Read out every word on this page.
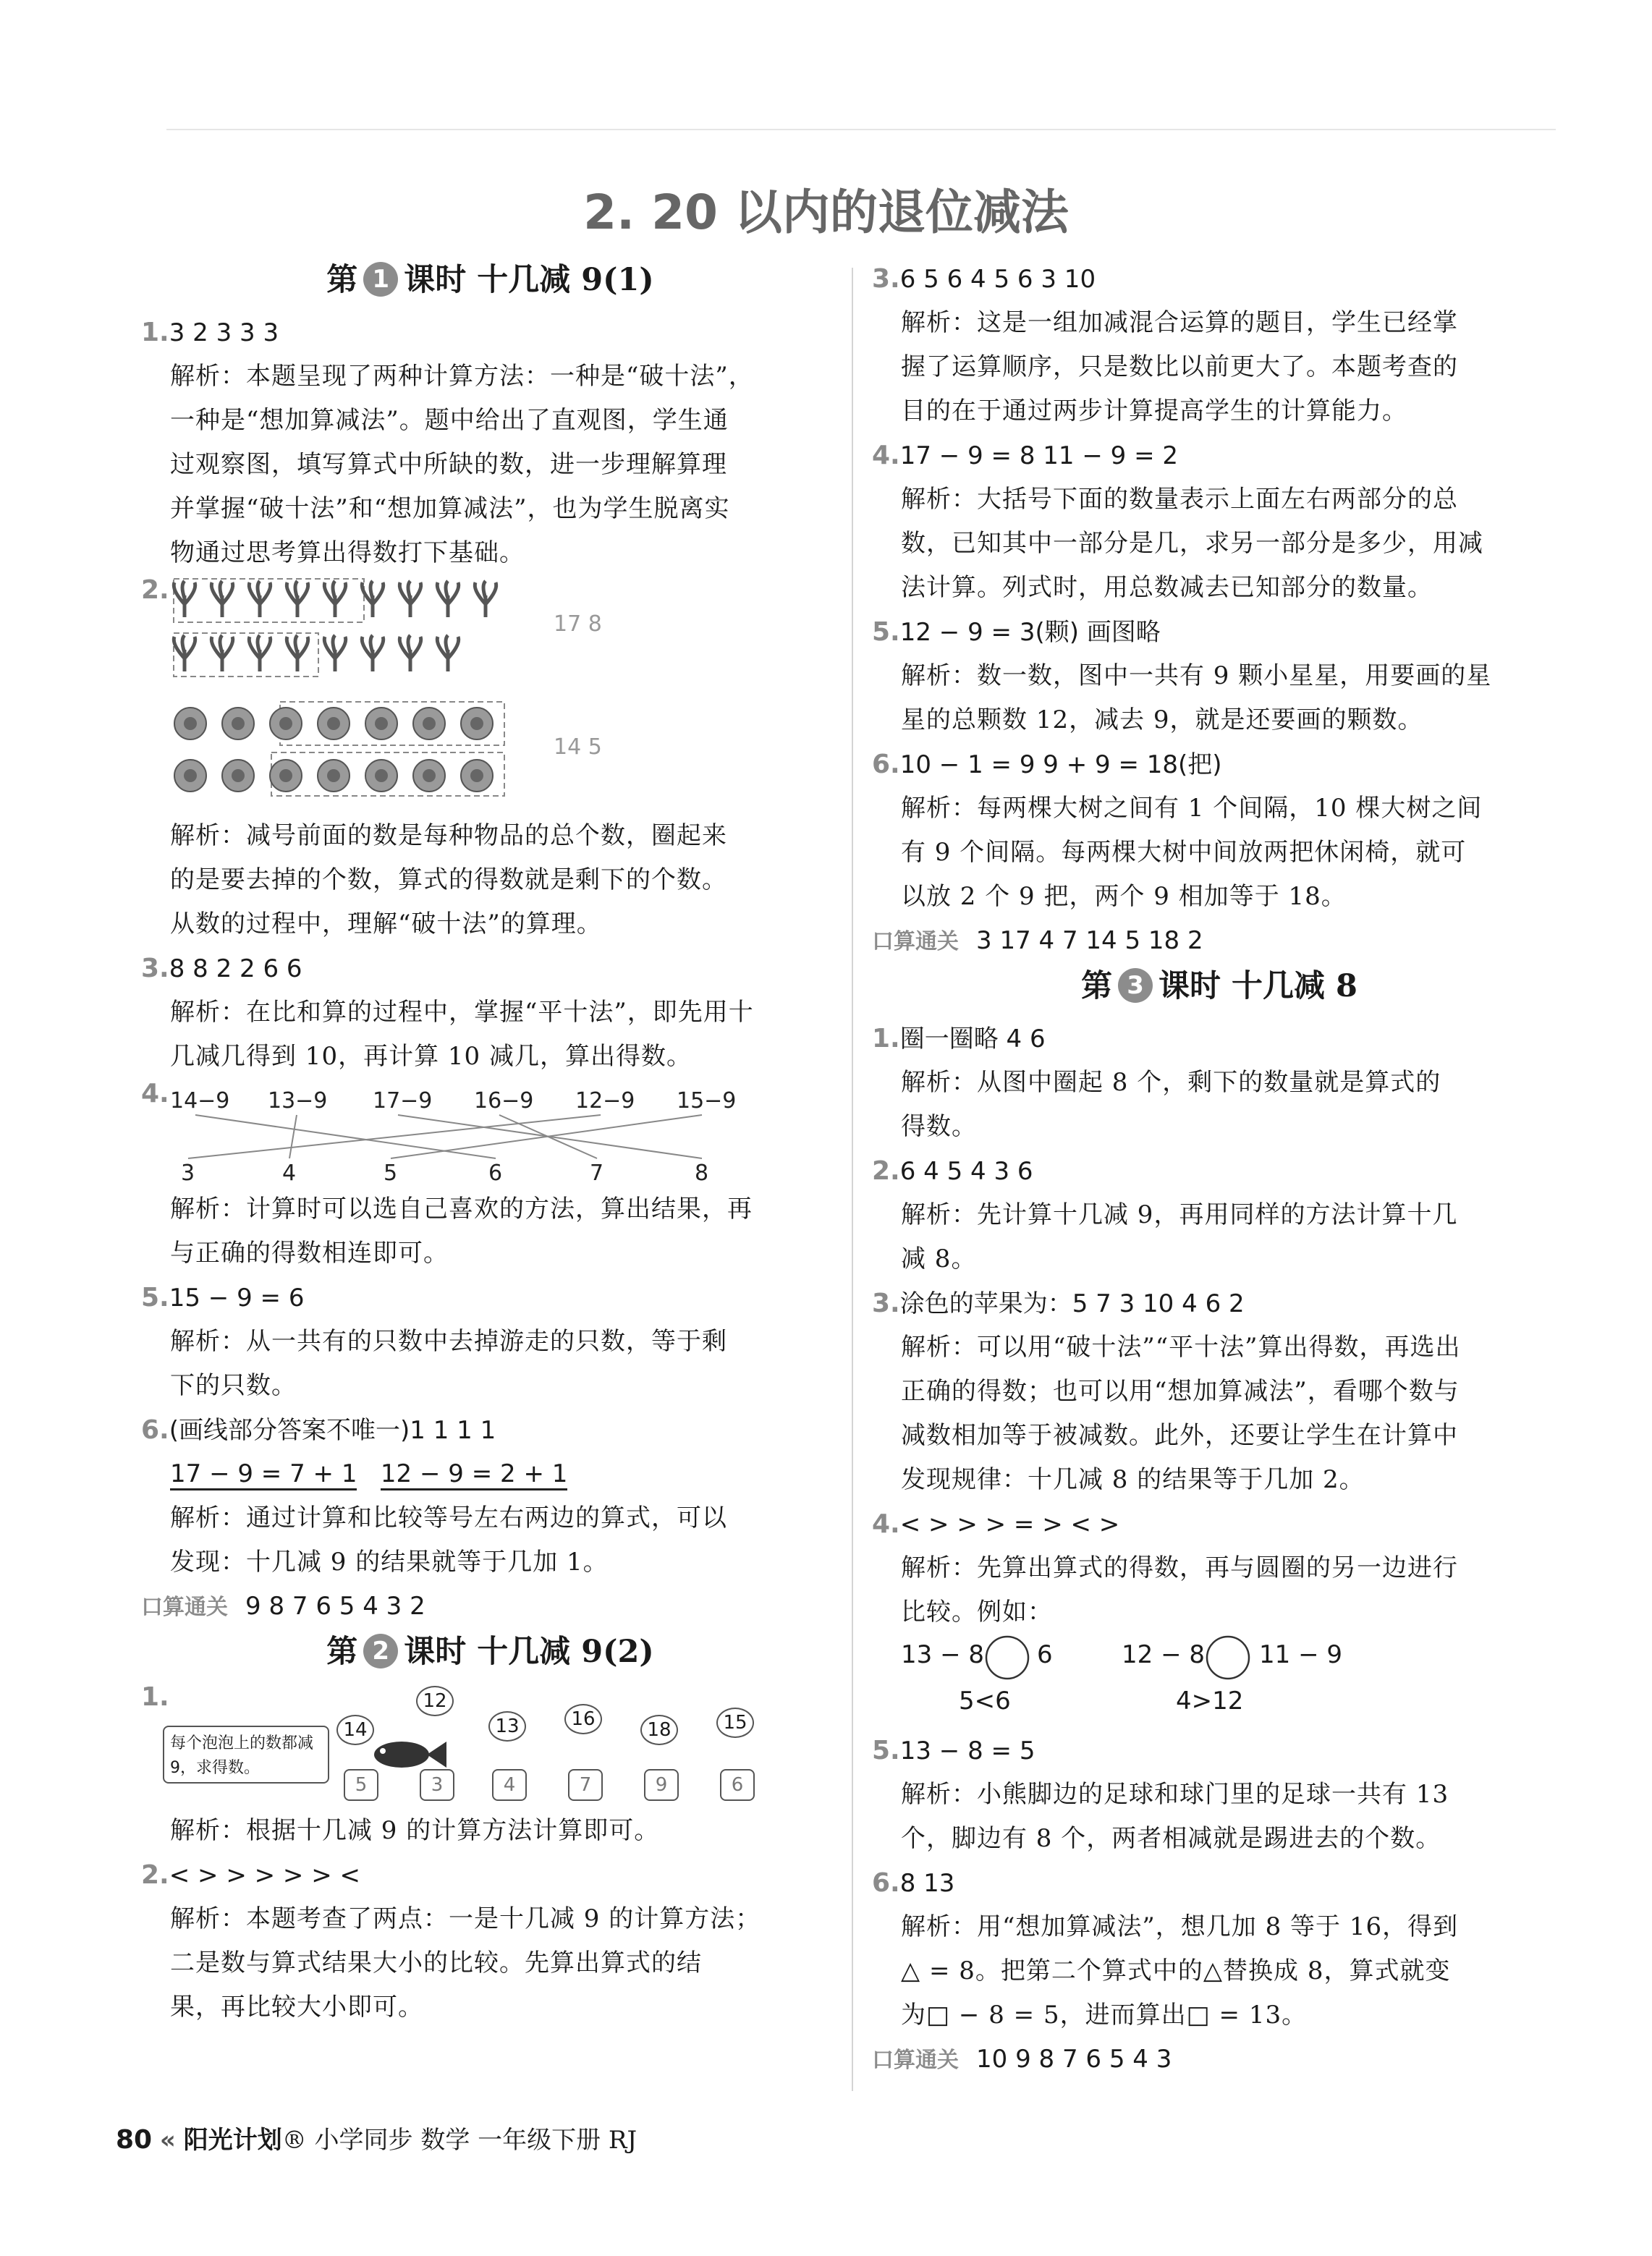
2. 20 以内的退位减法
第 1 课时 十几减 9(1)
1.3 2 3 3 3
解析：本题呈现了两种计算方法：一种是“破十法”，
一种是“想加算减法”。题中给出了直观图，学生通
过观察图，填写算式中所缺的数，进一步理解算理
并掌握“破十法”和“想加算减法”，也为学生脱离实
物通过思考算出得数打下基础。
2.
17 8
14 5
解析：减号前面的数是每种物品的总个数，圈起来
的是要去掉的个数，算式的得数就是剩下的个数。
从数的过程中，理解“破十法”的算理。
3.8 8 2 2 6 6
解析：在比和算的过程中，掌握“平十法”，即先用十
几减几得到 10，再计算 10 减几，算出得数。
4. 14−9 13−9 17−9 16−9 12−9 15−9
3	4	5	6	7	8
解析：计算时可以选自己喜欢的方法，算出结果，再
与正确的得数相连即可。
5.15 − 9 = 6
解析：从一共有的只数中去掉游走的只数，等于剩
下的只数。
6.(画线部分答案不唯一)1 1 1 1
17 − 9 = 7 + 1 12 − 9 = 2 + 1
解析：通过计算和比较等号左右两边的算式，可以
发现：十几减 9 的结果就等于几加 1。
口算通关 9 8 7 6 5 4 3 2
第 2 课时 十几减 9(2)
1.
每个泡泡上的数都减 9，求得数。
14
12
13	16	18	15
5	3	4	7	9	6
解析：根据十几减 9 的计算方法计算即可。
2.< > > > > > <
解析：本题考查了两点：一是十几减 9 的计算方法；
二是数与算式结果大小的比较。先算出算式的结
果，再比较大小即可。
3.6 5 6 4 5 6 3 10
解析：这是一组加减混合运算的题目，学生已经掌
握了运算顺序，只是数比以前更大了。本题考查的
目的在于通过两步计算提高学生的计算能力。
4.17 − 9 = 8 11 − 9 = 2
解析：大括号下面的数量表示上面左右两部分的总
数，已知其中一部分是几，求另一部分是多少，用减
法计算。列式时，用总数减去已知部分的数量。
5.12 − 9 = 3(颗) 画图略
解析：数一数，图中一共有 9 颗小星星，用要画的星
星的总颗数 12，减去 9，就是还要画的颗数。
6.10 − 1 = 9 9 + 9 = 18(把)
解析：每两棵大树之间有 1 个间隔，10 棵大树之间
有 9 个间隔。每两棵大树中间放两把休闲椅，就可
以放 2 个 9 把，两个 9 相加等于 18。
口算通关 3 17 4 7 14 5 18 2
第 3 课时 十几减 8
1.圈一圈略 4 6
解析：从图中圈起 8 个，剩下的数量就是算式的
得数。
2.6 4 5 4 3 6
解析：先计算十几减 9，再用同样的方法计算十几
减 8。
3.涂色的苹果为：5 7 3 10 4 6 2
解析：可以用“破十法”“平十法”算出得数，再选出
正确的得数；也可以用“想加算减法”，看哪个数与
减数相加等于被减数。此外，还要让学生在计算中
发现规律：十几减 8 的结果等于几加 2。
4.< > > > = > < >
解析：先算出算式的得数，再与圆圈的另一边进行
比较。例如：
13 − 8 6	12 − 8 11 − 9
5<6	4>12
5.13 − 8 = 5
解析：小熊脚边的足球和球门里的足球一共有 13
个，脚边有 8 个，两者相减就是踢进去的个数。
6.8 13
解析：用“想加算减法”，想几加 8 等于 16，得到
△ = 8。把第二个算式中的△替换成 8，算式就变
为□ − 8 = 5，进而算出□ = 13。
口算通关 10 9 8 7 6 5 4 3
80 « 阳光计划® 小学同步 数学 一年级下册 RJ
